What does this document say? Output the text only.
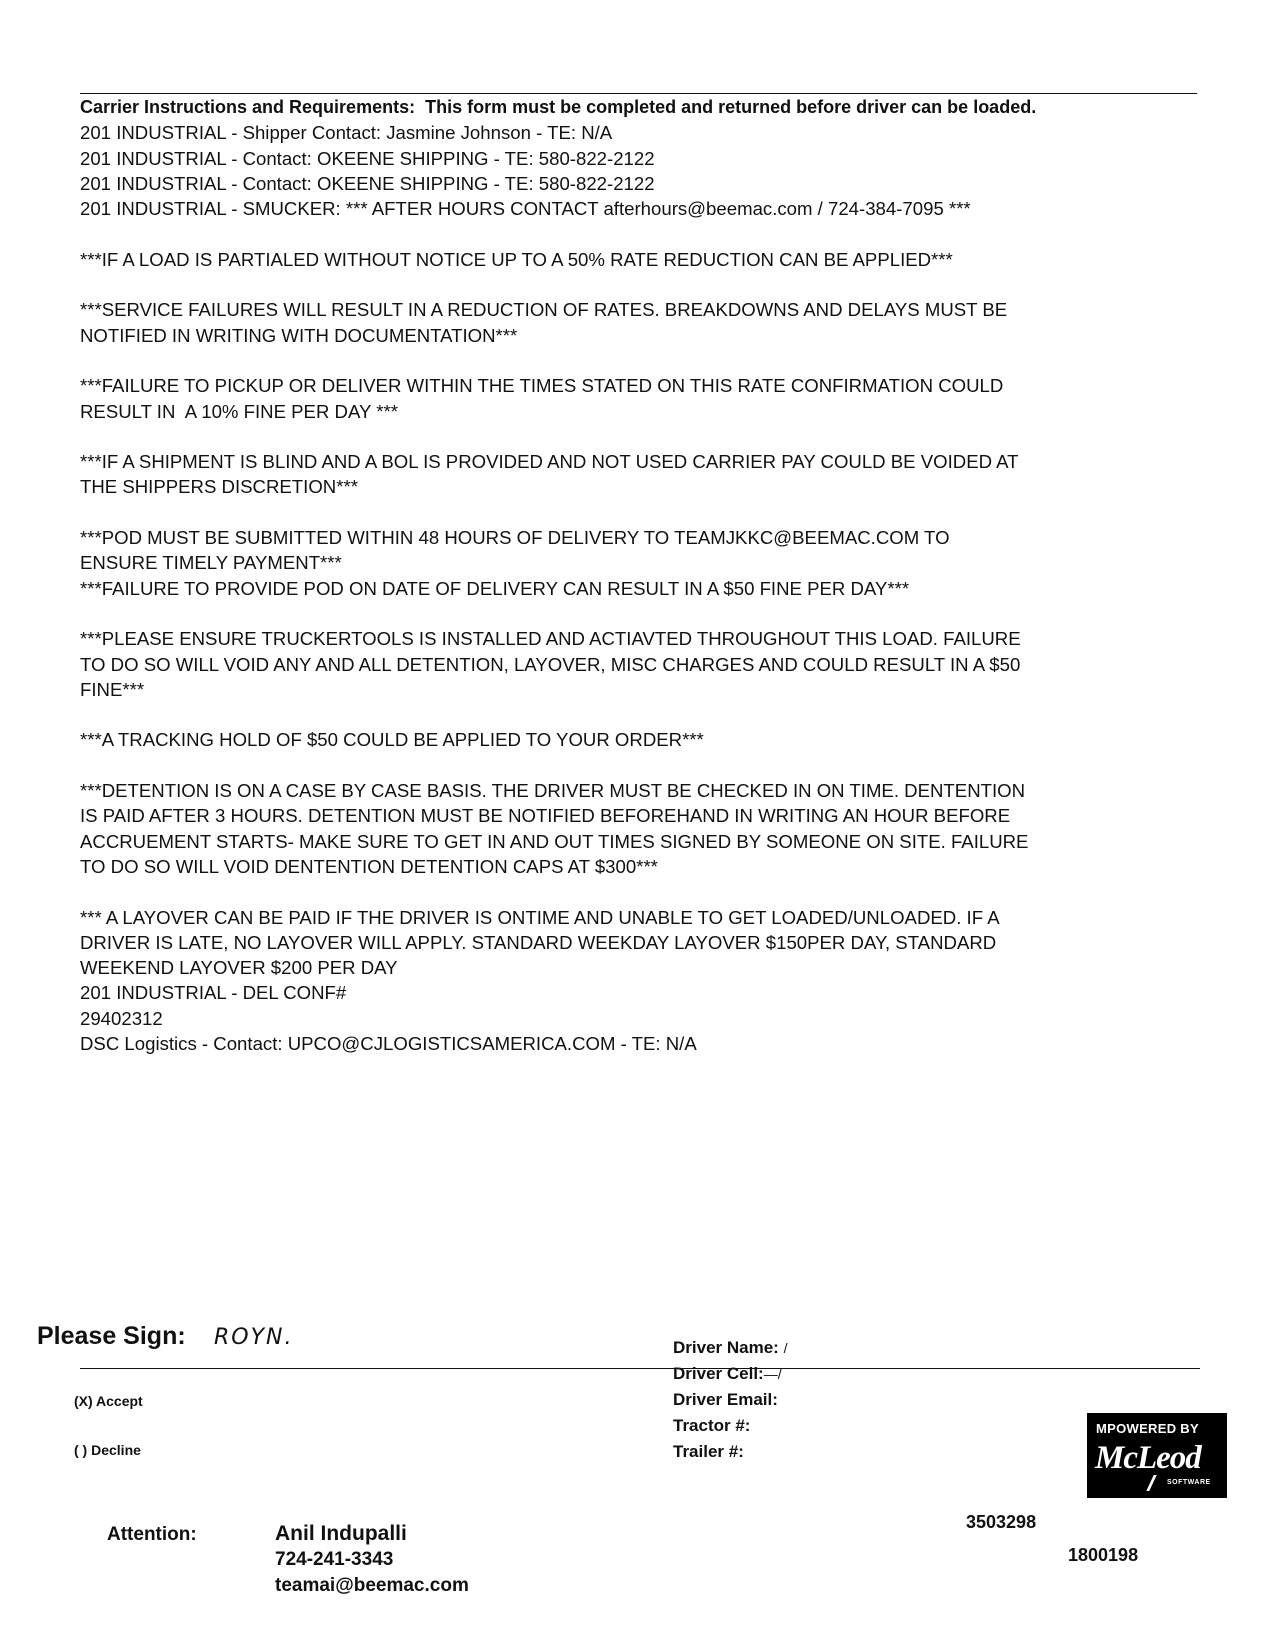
Carrier Instructions and Requirements:  This form must be completed and returned before driver can be loaded.
201 INDUSTRIAL - Shipper Contact: Jasmine Johnson - TE: N/A
201 INDUSTRIAL - Contact: OKEENE SHIPPING - TE: 580-822-2122
201 INDUSTRIAL - Contact: OKEENE SHIPPING - TE: 580-822-2122
201 INDUSTRIAL - SMUCKER: *** AFTER HOURS CONTACT afterhours@beemac.com / 724-384-7095 ***
***IF A LOAD IS PARTIALED WITHOUT NOTICE UP TO A 50% RATE REDUCTION CAN BE APPLIED***
***SERVICE FAILURES WILL RESULT IN A REDUCTION OF RATES. BREAKDOWNS AND DELAYS MUST BE
NOTIFIED IN WRITING WITH DOCUMENTATION***
***FAILURE TO PICKUP OR DELIVER WITHIN THE TIMES STATED ON THIS RATE CONFIRMATION COULD
RESULT IN  A 10% FINE PER DAY ***
***IF A SHIPMENT IS BLIND AND A BOL IS PROVIDED AND NOT USED CARRIER PAY COULD BE VOIDED AT
THE SHIPPERS DISCRETION***
***POD MUST BE SUBMITTED WITHIN 48 HOURS OF DELIVERY TO TEAMJKKC@BEEMAC.COM TO
ENSURE TIMELY PAYMENT***
***FAILURE TO PROVIDE POD ON DATE OF DELIVERY CAN RESULT IN A $50 FINE PER DAY***
***PLEASE ENSURE TRUCKERTOOLS IS INSTALLED AND ACTIAVTED THROUGHOUT THIS LOAD. FAILURE
TO DO SO WILL VOID ANY AND ALL DETENTION, LAYOVER, MISC CHARGES AND COULD RESULT IN A $50
FINE***
***A TRACKING HOLD OF $50 COULD BE APPLIED TO YOUR ORDER***
***DETENTION IS ON A CASE BY CASE BASIS. THE DRIVER MUST BE CHECKED IN ON TIME. DENTENTION
IS PAID AFTER 3 HOURS. DETENTION MUST BE NOTIFIED BEFOREHAND IN WRITING AN HOUR BEFORE
ACCRUEMENT STARTS- MAKE SURE TO GET IN AND OUT TIMES SIGNED BY SOMEONE ON SITE. FAILURE
TO DO SO WILL VOID DENTENTION DETENTION CAPS AT $300***
*** A LAYOVER CAN BE PAID IF THE DRIVER IS ONTIME AND UNABLE TO GET LOADED/UNLOADED. IF A
DRIVER IS LATE, NO LAYOVER WILL APPLY. STANDARD WEEKDAY LAYOVER $150PER DAY, STANDARD
WEEKEND LAYOVER $200 PER DAY
201 INDUSTRIAL - DEL CONF#
29402312
DSC Logistics - Contact: UPCO@CJLOGISTICSAMERICA.COM - TE: N/A
Please Sign: ROYN.
(X) Accept
( ) Decline
Driver Name: /
Driver Cell:—/
Driver Email:
Tractor #:
Trailer #:
MPOWERED BY
McLeod
SOFTWARE
Attention:	Anil Indupalli
724-241-3343
teamai@beemac.com
3503298
1800198
